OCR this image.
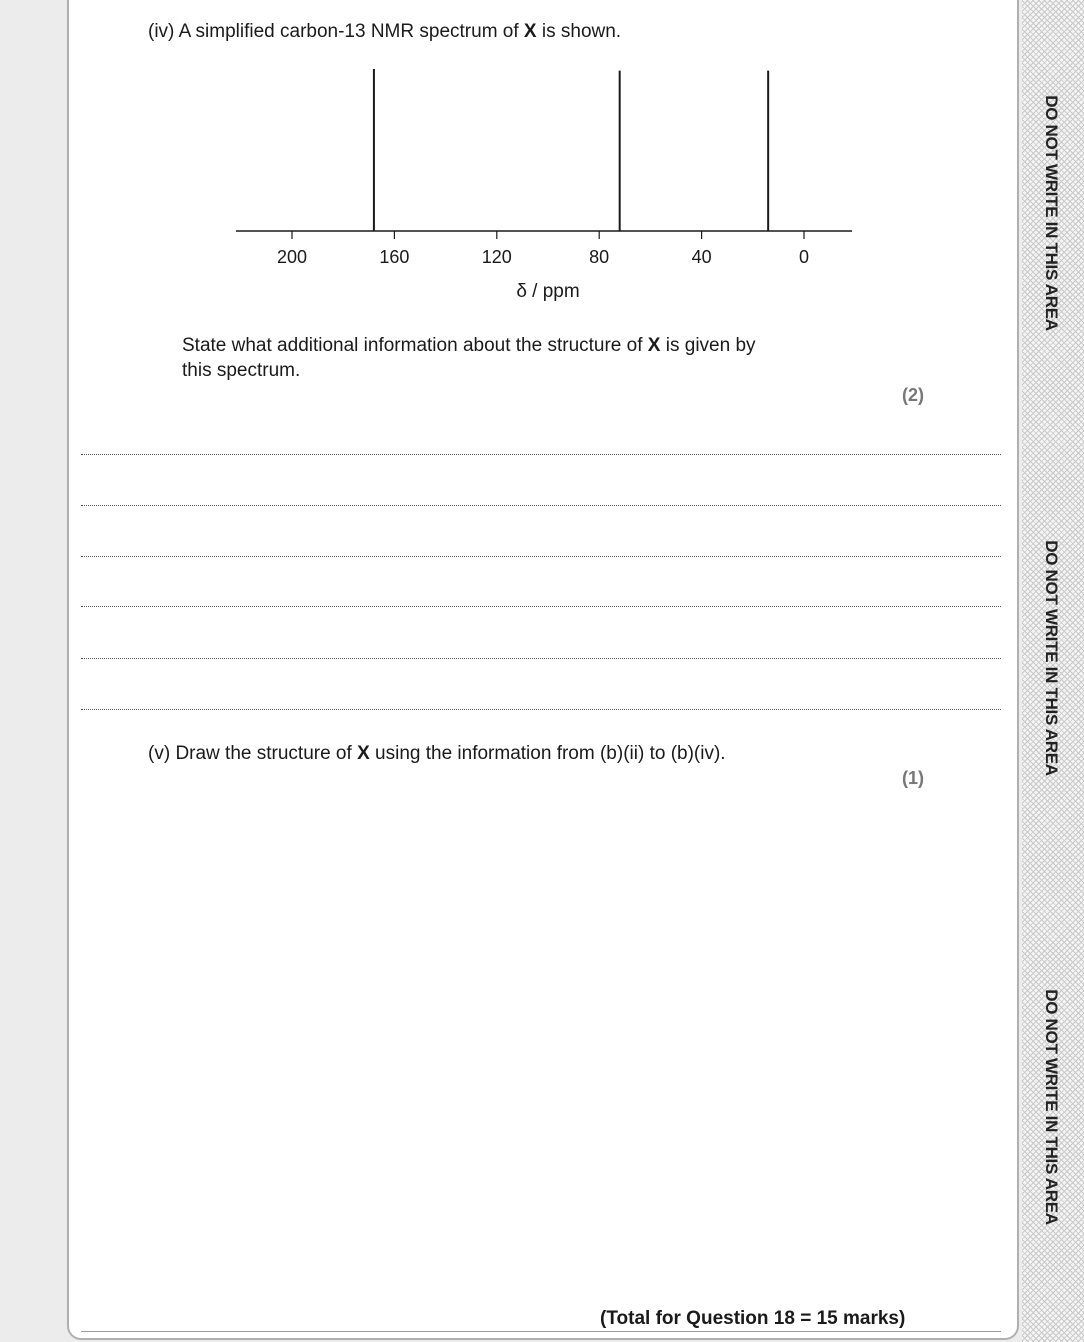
(iv) A simplified carbon-13 NMR spectrum of X is shown.
200	160	120	80	40	0
δ / ppm
State what additional information about the structure of X is given by
this spectrum.
(2)
(v) Draw the structure of X using the information from (b)(ii) to (b)(iv).
(1)
(Total for Question 18 = 15 marks)
DO NOT WRITE IN THIS AREA
DO NOT WRITE IN THIS AREA
DO NOT WRITE IN THIS AREA
